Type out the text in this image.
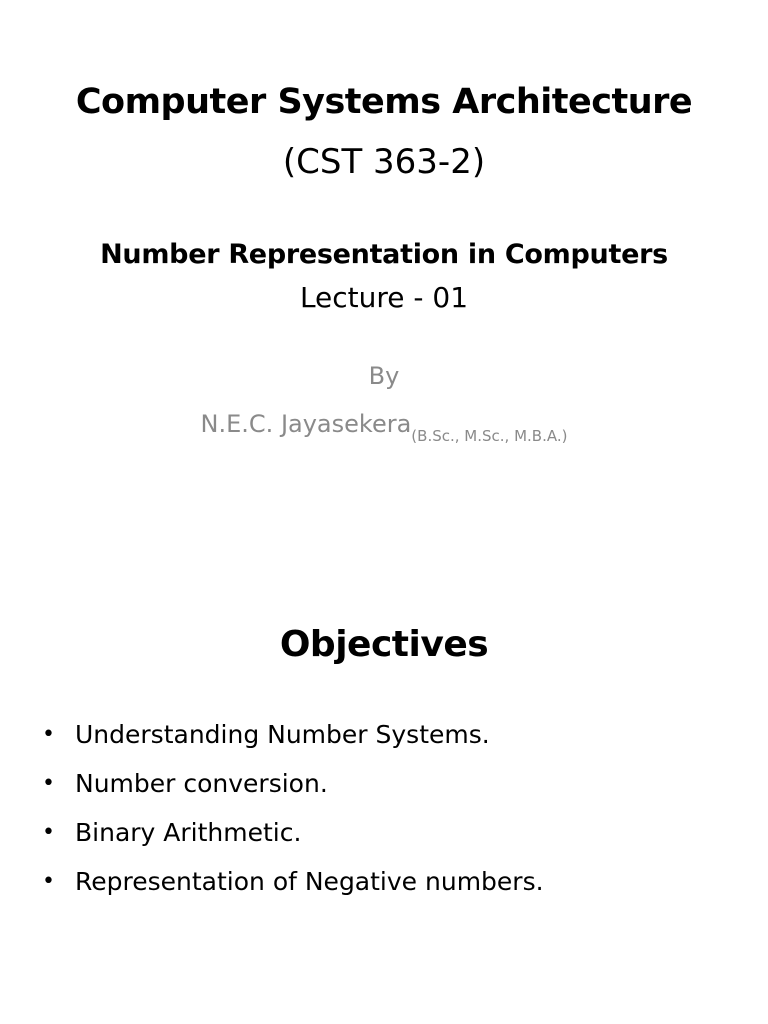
Computer Systems Architecture
(CST 363-2)
Number Representation in Computers
Lecture - 01
By
N.E.C. Jayasekera$_{(B.Sc., M.Sc., M.B.A.)}$
Objectives
• Understanding Number Systems.
• Number conversion.
• Binary Arithmetic.
• Representation of Negative numbers.
